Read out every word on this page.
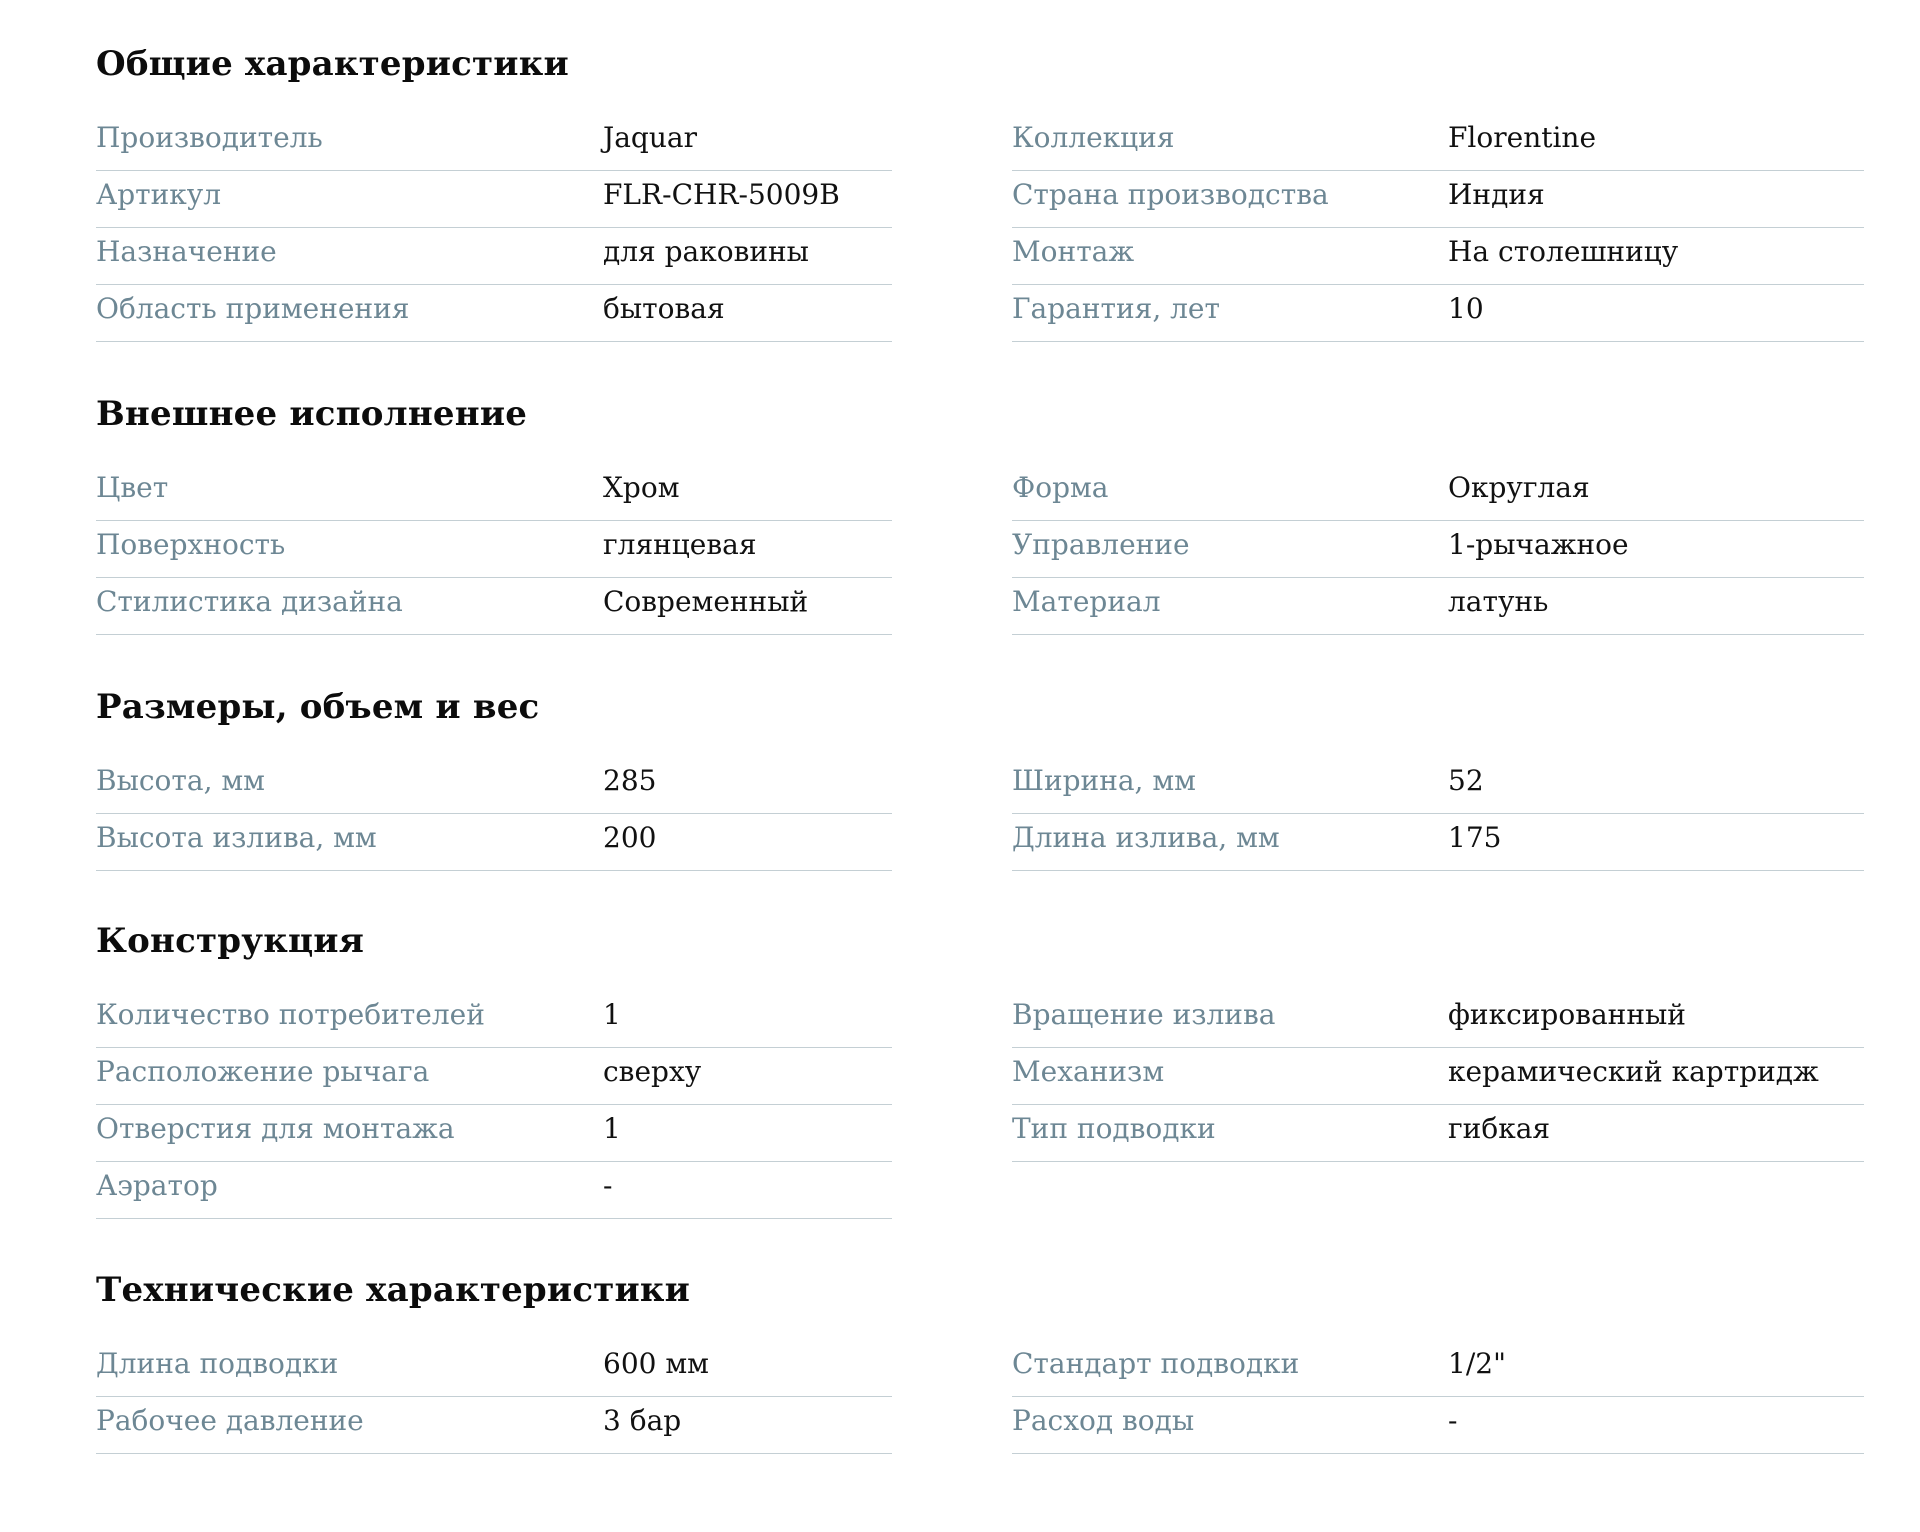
Общие характеристики
Производитель	Jaquar
Артикул	FLR-CHR-5009B
Назначение	для раковины
Область применения	бытовая
Коллекция	Florentine
Страна производства	Индия
Монтаж	На столешницу
Гарантия, лет	10
Внешнее исполнение
Цвет	Хром
Поверхность	глянцевая
Стилистика дизайна	Современный
Форма	Округлая
Управление	1-рычажное
Материал	латунь
Размеры, объем и вес
Высота, мм	285
Высота излива, мм	200
Ширина, мм	52
Длина излива, мм	175
Конструкция
Количество потребителей	1
Расположение рычага	сверху
Отверстия для монтажа	1
Аэратор	-
Вращение излива	фиксированный
Механизм	керамический картридж
Тип подводки	гибкая
Технические характеристики
Длина подводки	600 мм
Рабочее давление	3 бар
Стандарт подводки	1/2"
Расход воды	-
